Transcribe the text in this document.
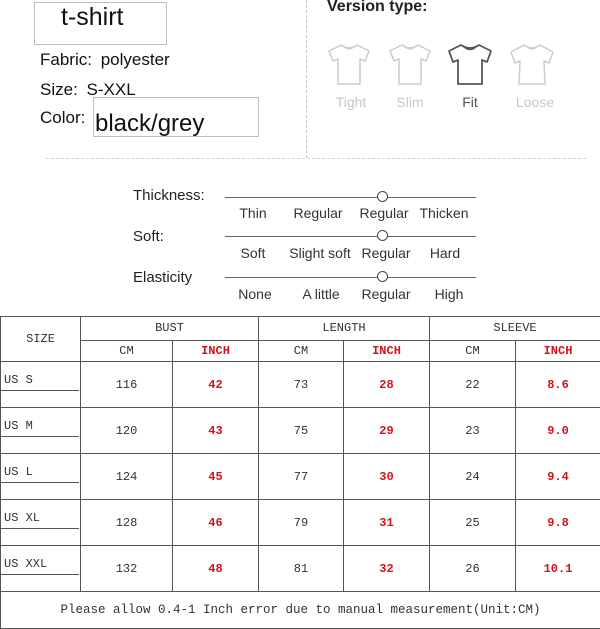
t-shirt
Fabric: polyester
Size: S-XXL
Color: black/grey
Version type:
Tight	Slim	Fit	Loose
Thickness:
Thin	Regular	Regular Thicken
Soft:
Soft	Slight soft Regular	Hard
Elasticity
None	A little	Regular	High
SIZE	BUST		LENGTH		SLEEVE	
	CM	INCH	CM	INCH	CM	INCH

US S	116	42	73	28	22	8.6

US M	120	43	75	29	23	9.0

US L	124	45	77	30	24	9.4

US XL	128	46	79	31	25	9.8

US XXL	132	48	81	32	26	10.1
Please allow 0.4-1 Inch error due to manual measurement(Unit:CM)						
